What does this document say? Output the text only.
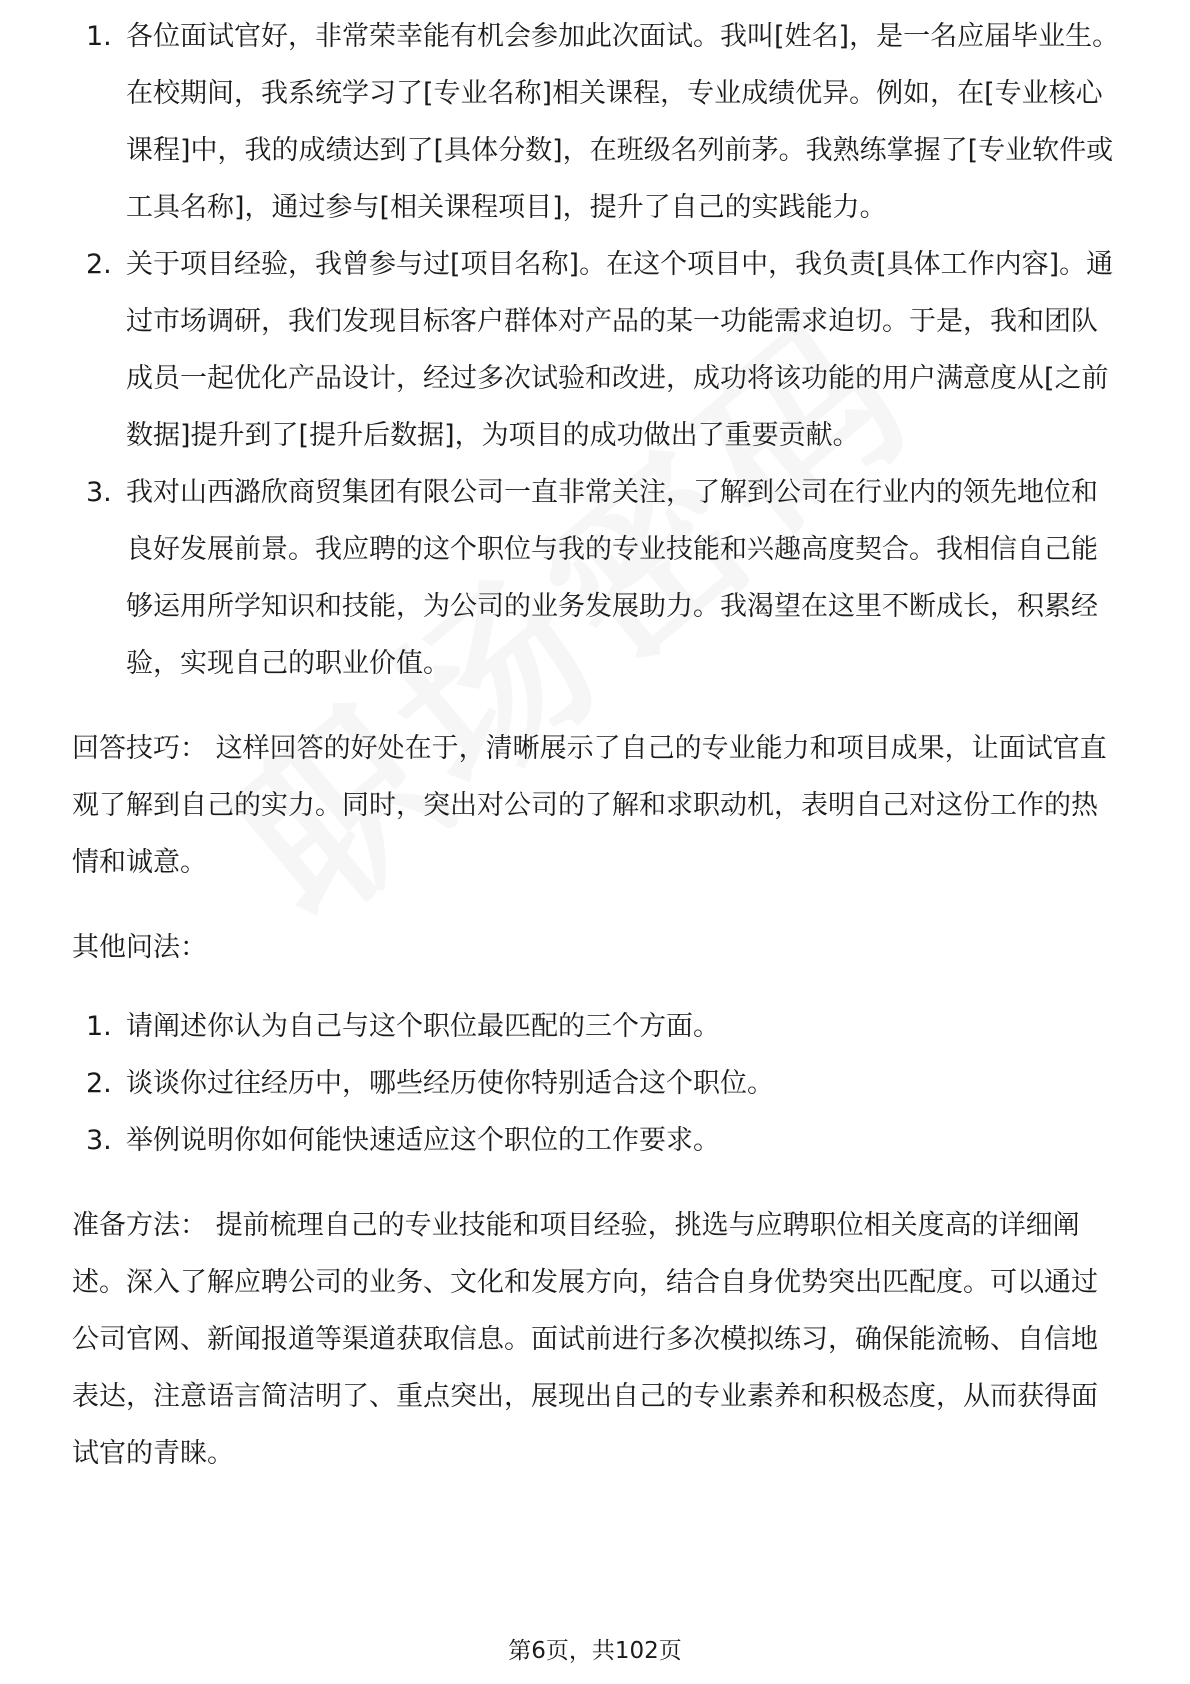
1. 各位面试官好，非常荣幸能有机会参加此次面试。我叫[姓名]，是一名应届毕业生。在校期间，我系统学习了[专业名称]相关课程，专业成绩优异。例如，在[专业核心课程]中，我的成绩达到了[具体分数]，在班级名列前茅。我熟练掌握了[专业软件或工具名称]，通过参与[相关课程项目]，提升了自己的实践能力。
2. 关于项目经验，我曾参与过[项目名称]。在这个项目中，我负责[具体工作内容]。通过市场调研，我们发现目标客户群体对产品的某一功能需求迫切。于是，我和团队成员一起优化产品设计，经过多次试验和改进，成功将该功能的用户满意度从[之前数据]提升到了[提升后数据]，为项目的成功做出了重要贡献。
3. 我对山西潞欣商贸集团有限公司一直非常关注，了解到公司在行业内的领先地位和良好发展前景。我应聘的这个职位与我的专业技能和兴趣高度契合。我相信自己能够运用所学知识和技能，为公司的业务发展助力。我渴望在这里不断成长，积累经验，实现自己的职业价值。

回答技巧： 这样回答的好处在于，清晰展示了自己的专业能力和项目成果，让面试官直观了解到自己的实力。同时，突出对公司的了解和求职动机，表明自己对这份工作的热情和诚意。

其他问法：

1. 请阐述你认为自己与这个职位最匹配的三个方面。
2. 谈谈你过往经历中，哪些经历使你特别适合这个职位。
3. 举例说明你如何能快速适应这个职位的工作要求。

准备方法： 提前梳理自己的专业技能和项目经验，挑选与应聘职位相关度高的详细阐述。深入了解应聘公司的业务、文化和发展方向，结合自身优势突出匹配度。可以通过公司官网、新闻报道等渠道获取信息。面试前进行多次模拟练习，确保能流畅、自信地表达，注意语言简洁明了、重点突出，展现出自己的专业素养和积极态度，从而获得面试官的青睐。

第6页，共102页
